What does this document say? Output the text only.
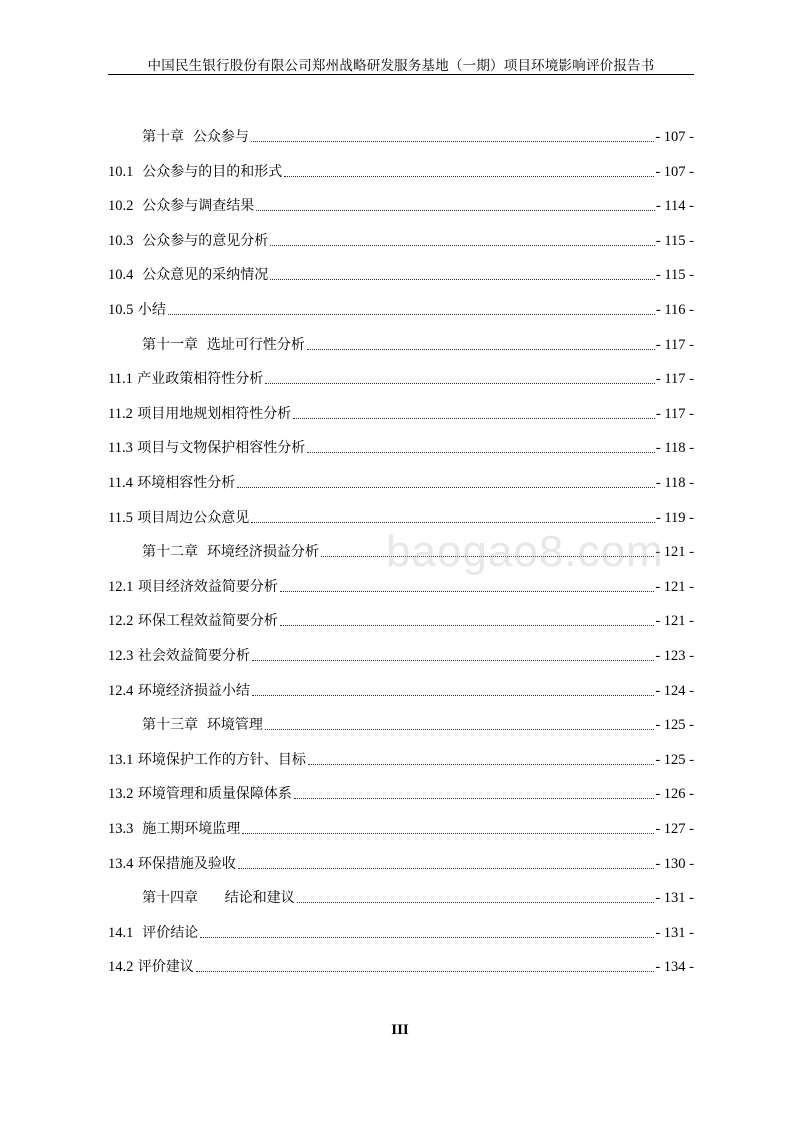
中国民生银行股份有限公司郑州战略研发服务基地（一期）项目环境影响评价报告书
第十章  公众参与	- 107 -
10.1  公众参与的目的和形式	- 107 -
10.2  公众参与调查结果	- 114 -
10.3  公众参与的意见分析	- 115 -
10.4  公众意见的采纳情况	- 115 -
10.5 小结	- 116 -
第十一章  选址可行性分析	- 117 -
11.1 产业政策相符性分析	- 117 -
11.2 项目用地规划相符性分析	- 117 -
11.3 项目与文物保护相容性分析	- 118 -
11.4 环境相容性分析	- 118 -
11.5 项目周边公众意见	- 119 -
第十二章  环境经济损益分析	- 121 -
12.1 项目经济效益简要分析	- 121 -
12.2 环保工程效益简要分析	- 121 -
12.3 社会效益简要分析	- 123 -
12.4 环境经济损益小结	- 124 -
第十三章  环境管理	- 125 -
13.1 环境保护工作的方针、目标	- 125 -
13.2 环境管理和质量保障体系	- 126 -
13.3  施工期环境监理	- 127 -
13.4 环保措施及验收	- 130 -
第十四章      结论和建议	- 131 -
14.1  评价结论	- 131 -
14.2 评价建议	- 134 -
baogao8.com
III
